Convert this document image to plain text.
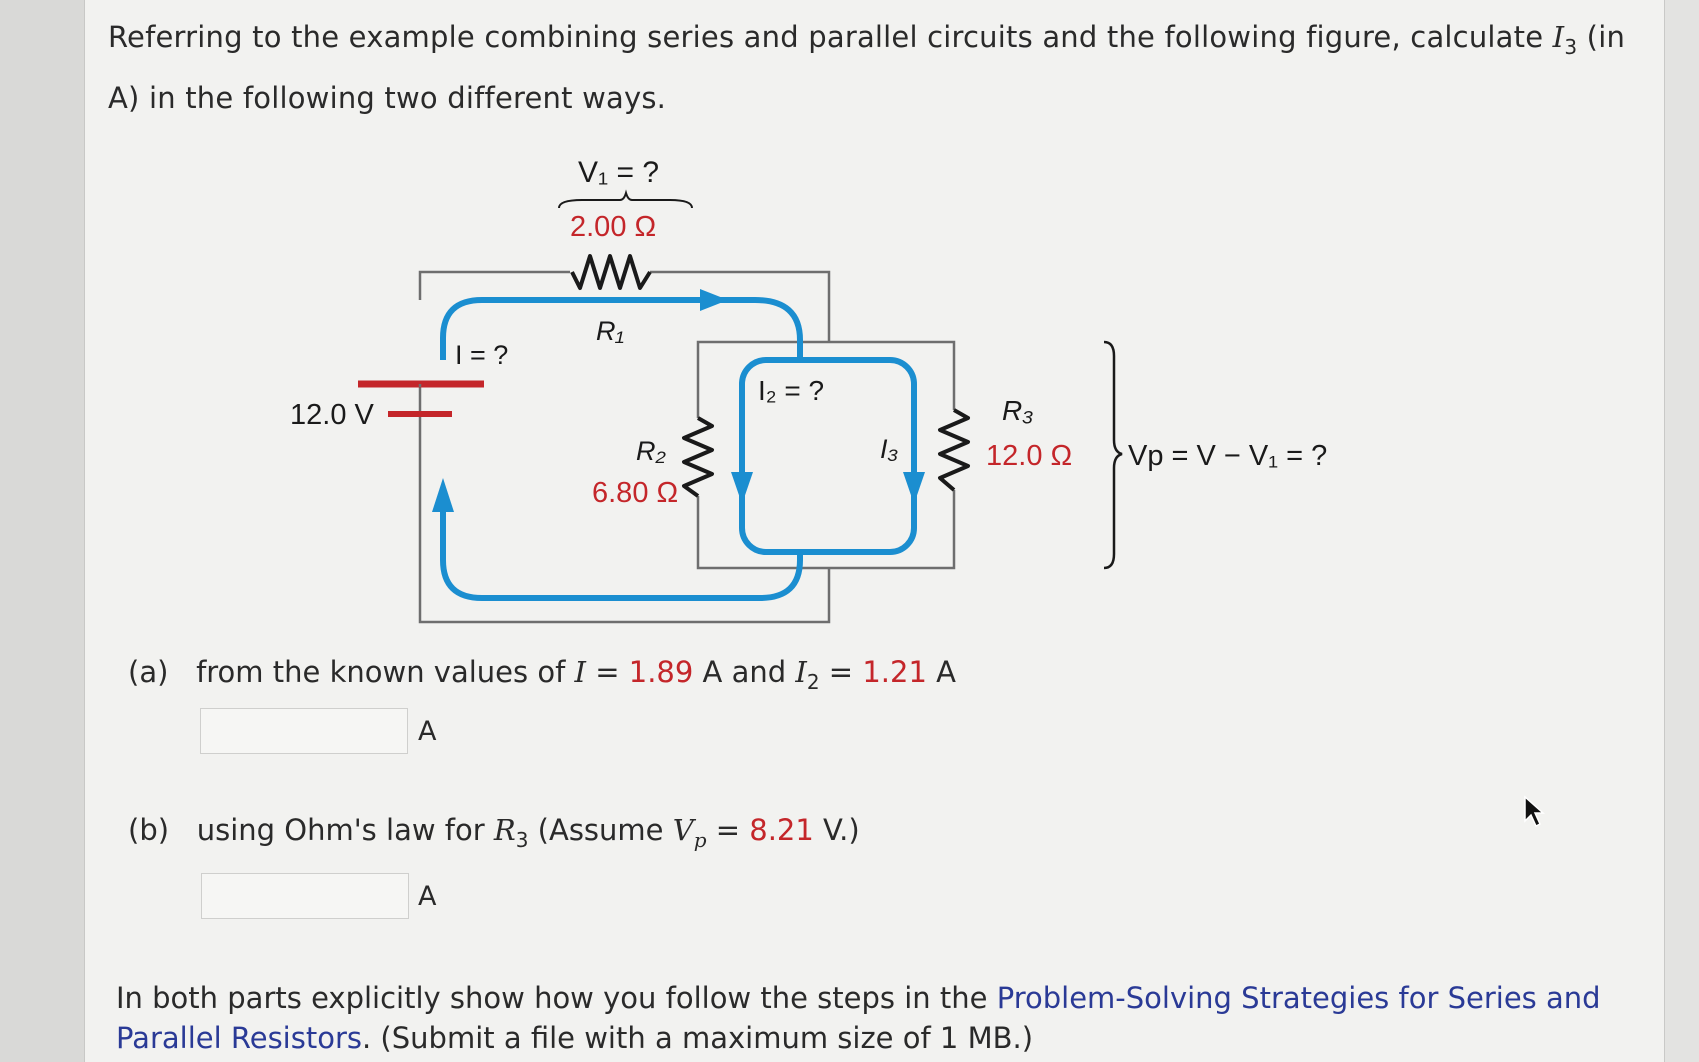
Referring to the example combining series and parallel circuits and the following figure, calculate $I_3$ (in A) in the following two different ways.
V₁ = ?
2.00 Ω
R₁
I = ?
12.0 V
I₂ = ?
R₂
6.80 Ω
I₃
R₃
12.0 Ω Vp = V − V₁ = ?
(a) from the known values of I = 1.89 A and $I_2 = 1.21$ A
A
(b) using Ohm's law for $R_3$ (Assume $V_p = 8.21$ V.)
A
In both parts explicitly show how you follow the steps in the Problem-Solving Strategies for Series and Parallel Resistors. (Submit a file with a maximum size of 1 MB.)
